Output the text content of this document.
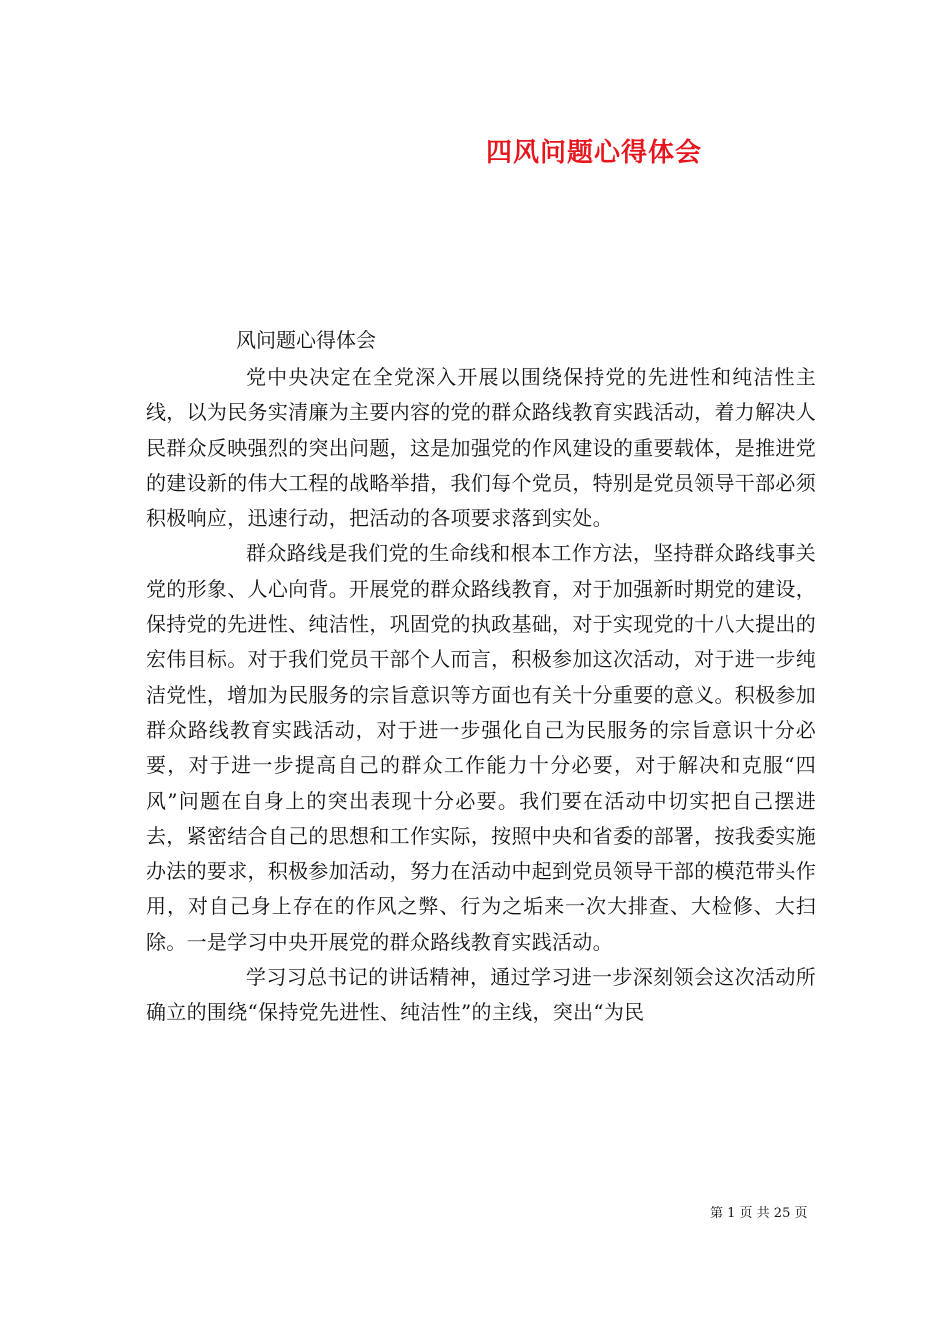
四风问题心得体会
风问题心得体会

党中央决定在全党深入开展以围绕保持党的先进性和纯洁性主线，以为民务实清廉为主要内容的党的群众路线教育实践活动，着力解决人民群众反映强烈的突出问题，这是加强党的作风建设的重要载体，是推进党的建设新的伟大工程的战略举措，我们每个党员，特别是党员领导干部必须积极响应，迅速行动，把活动的各项要求落到实处。

群众路线是我们党的生命线和根本工作方法，坚持群众路线事关党的形象、人心向背。开展党的群众路线教育，对于加强新时期党的建设，保持党的先进性、纯洁性，巩固党的执政基础，对于实现党的十八大提出的宏伟目标。对于我们党员干部个人而言，积极参加这次活动，对于进一步纯洁党性，增加为民服务的宗旨意识等方面也有关十分重要的意义。积极参加群众路线教育实践活动，对于进一步强化自己为民服务的宗旨意识十分必要，对于进一步提高自己的群众工作能力十分必要，对于解决和克服“四风”问题在自身上的突出表现十分必要。我们要在活动中切实把自己摆进去，紧密结合自己的思想和工作实际，按照中央和省委的部署，按我委实施办法的要求，积极参加活动，努力在活动中起到党员领导干部的模范带头作用，对自己身上存在的作风之弊、行为之垢来一次大排查、大检修、大扫除。一是学习中央开展党的群众路线教育实践活动。

学习习总书记的讲话精神，通过学习进一步深刻领会这次活动所确立的围绕“保持党先进性、纯洁性”的主线，突出“为民

第 1 页 共 25 页
